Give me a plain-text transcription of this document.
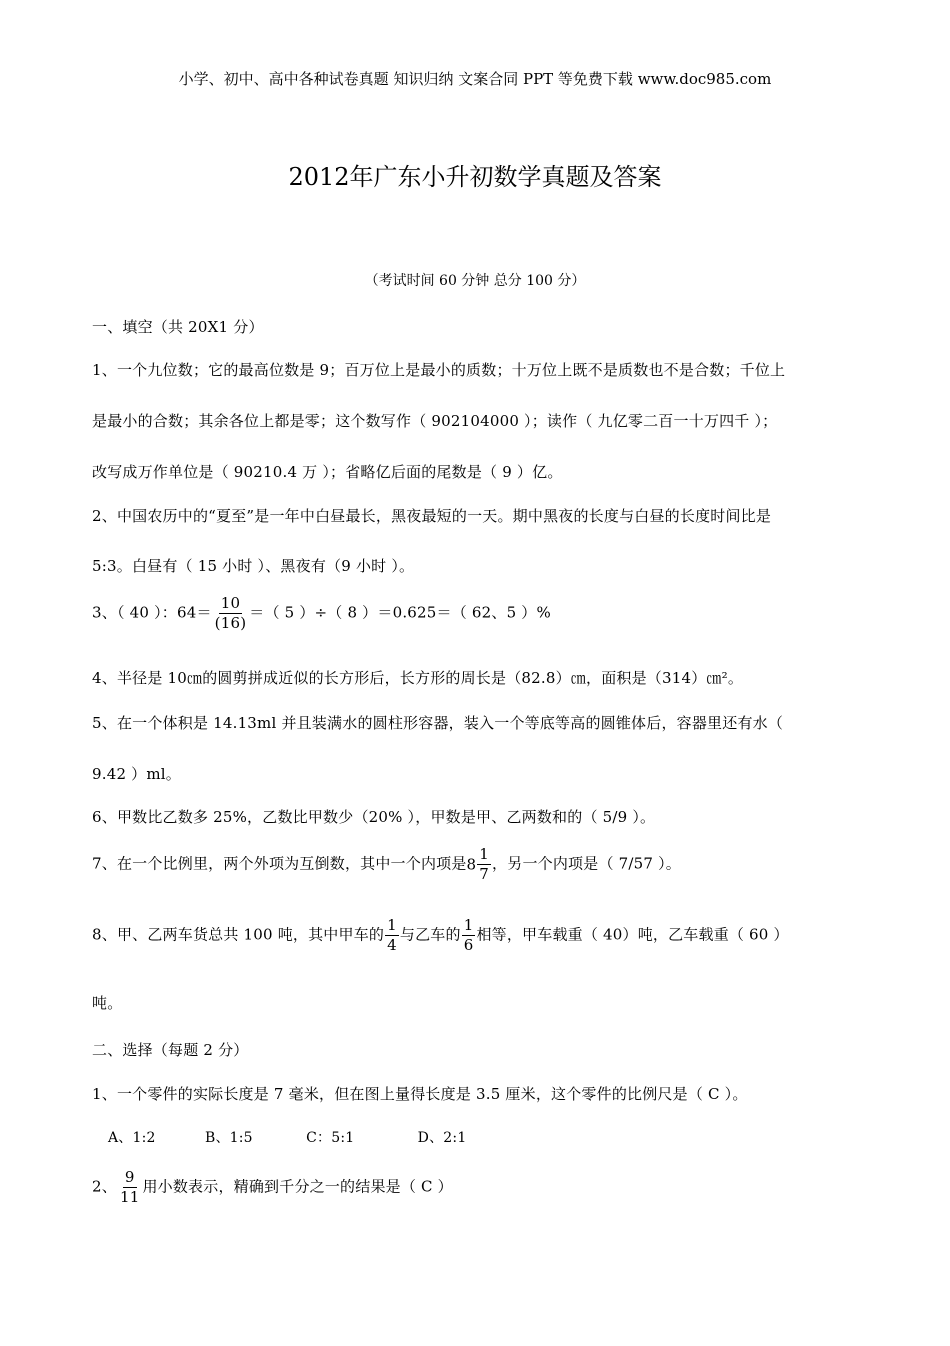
小学、初中、高中各种试卷真题 知识归纳 文案合同 PPT 等免费下载 www.doc985.com
2012年广东小升初数学真题及答案
（考试时间 60 分钟 总分 100 分）
一、填空（共 20X1 分）
1、一个九位数；它的最高位数是 9；百万位上是最小的质数；十万位上既不是质数也不是合数；千位上
是最小的合数；其余各位上都是零；这个数写作（ 902104000 ）；读作（ 九亿零二百一十万四千 ）；
改写成万作单位是（ 90210.4 万 ）；省略亿后面的尾数是（ 9 ）亿。
2、中国农历中的“夏至”是一年中白昼最长，黑夜最短的一天。期中黑夜的长度与白昼的长度时间比是
5:3。白昼有（ 15 小时 ）、黑夜有（9 小时 ）。
3、（ 40 ）：$64= \frac{10}{(16)}$ ＝（ 5 ）÷（ 8 ）＝0.625＝（ 62、5 ）%
4、半径是 10㎝的圆剪拼成近似的长方形后，长方形的周长是（82.8）㎝，面积是（314）㎝²。
5、在一个体积是 14.13ml 并且装满水的圆柱形容器，装入一个等底等高的圆锥体后，容器里还有水（
9.42 ）ml。
6、甲数比乙数多 25%，乙数比甲数少（20% ），甲数是甲、乙两数和的（ 5/9 ）。
7、在一个比例里，两个外项为互倒数，其中一个内项是$8 \frac{1}{7}$ ，另一个内项是（ 7/57 ）。
8、甲、乙两车货总共 100 吨，其中甲车的 $\frac{1}{4}$ 与乙车的 $\frac{1}{6}$ 相等，甲车载重（ 40）吨，乙车载重（ 60 ）
吨。
二、选择（每题 2 分）
1、一个零件的实际长度是 7 毫米，但在图上量得长度是 3.5 厘米，这个零件的比例尺是（ C ）。
A、1:2	B、1:5	C：5:1	D、2:1
2、 $\frac{9}{11}$ 用小数表示，精确到千分之一的结果是（ C ）
